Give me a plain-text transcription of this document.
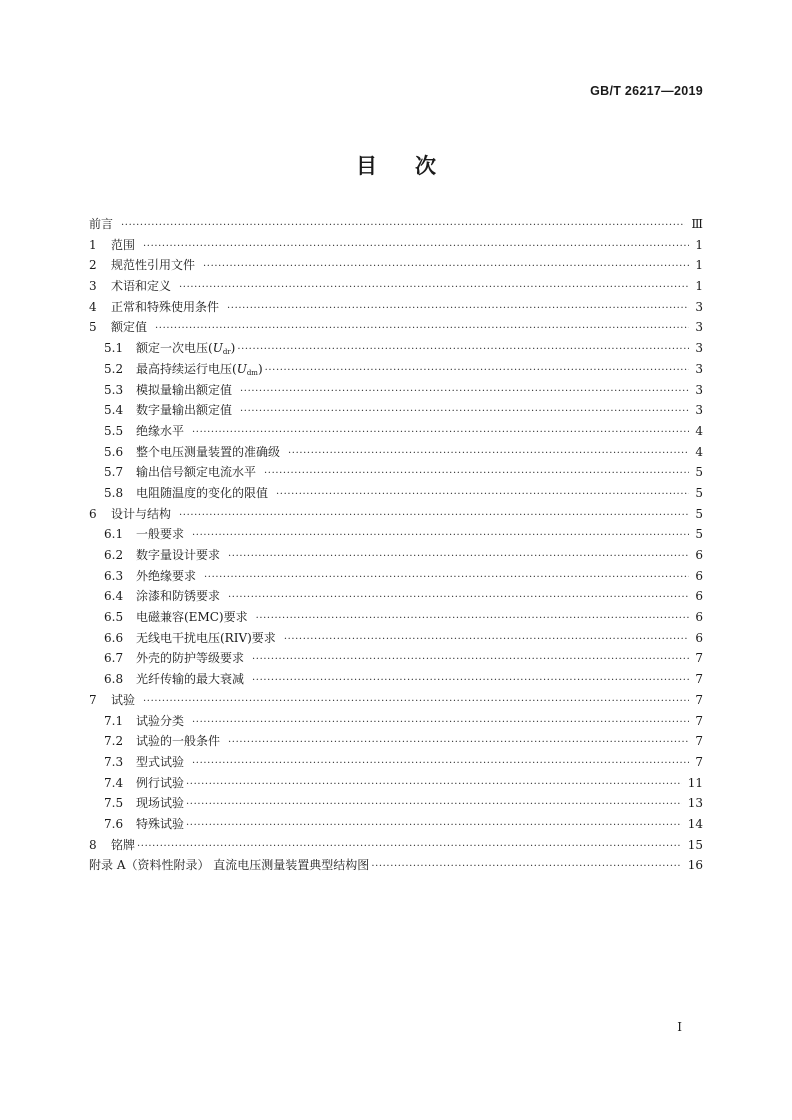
GB/T 26217—2019
目 次
前言 ·····	Ⅲ
1	范围 ·····	1
2	规范性引用文件 ·····	1
3	术语和定义 ·····	1
4	正常和特殊使用条件 ·····	3
5	额定值 ·····	3
5.1	额定一次电压$(U_{dr})$ ·····	3
5.2	最高持续运行电压$(U_{dm})$ ·····	3
5.3	模拟量输出额定值 ·····	3
5.4	数字量输出额定值 ·····	3
5.5	绝缘水平 ·····	4
5.6	整个电压测量装置的准确级 ·····	4
5.7	输出信号额定电流水平 ·····	5
5.8	电阻随温度的变化的限值 ·····	5
6	设计与结构 ·····	5
6.1	一般要求 ·····	5
6.2	数字量设计要求 ·····	6
6.3	外绝缘要求 ·····	6
6.4	涂漆和防锈要求 ·····	6
6.5	电磁兼容(EMC)要求 ·····	6
6.6	无线电干扰电压(RIV)要求 ·····	6
6.7	外壳的防护等级要求 ·····	7
6.8	光纤传输的最大衰减 ·····	7
7	试验 ·····	7
7.1	试验分类 ·····	7
7.2	试验的一般条件 ·····	7
7.3	型式试验 ·····	7
7.4	例行试验 ·····	11
7.5	现场试验 ·····	13
7.6	特殊试验 ·····	14
8	铭牌 ·····	15
附录 A（资料性附录） 直流电压测量装置典型结构图 ·····	16
I
